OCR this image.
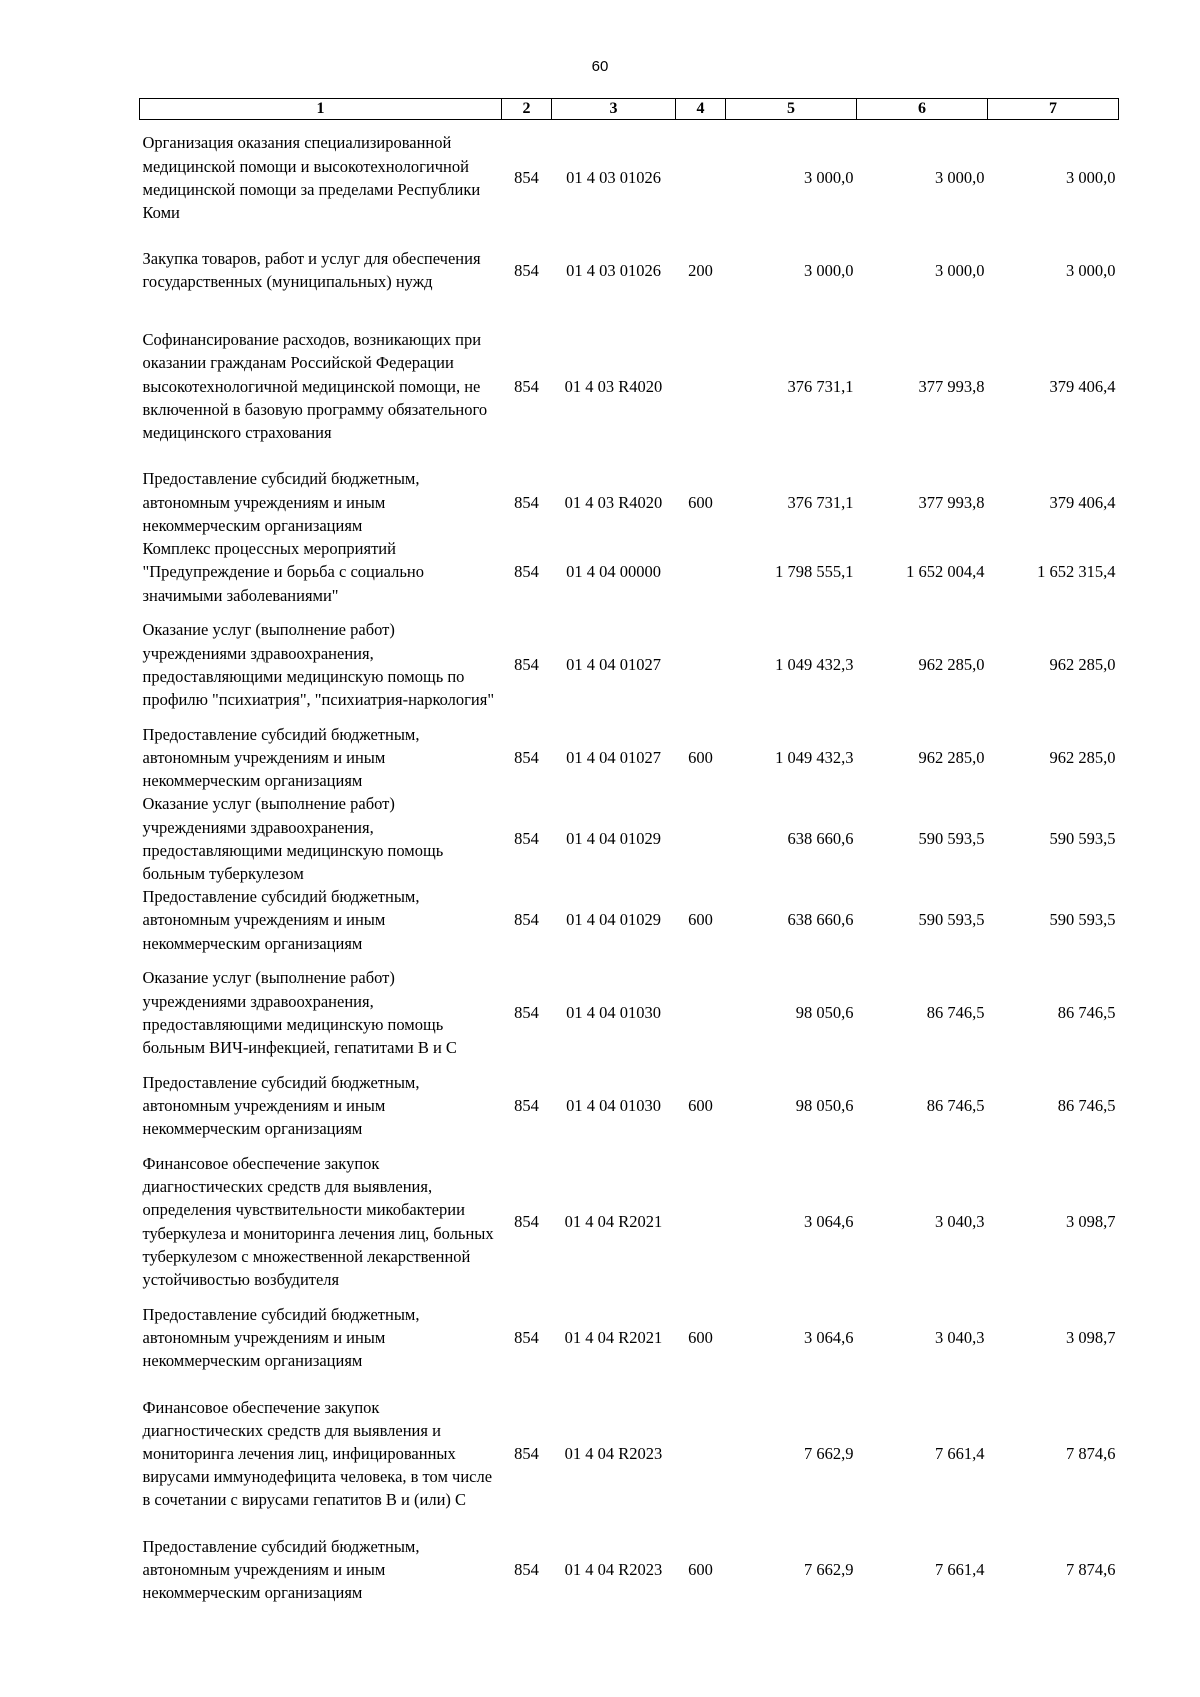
60
1	2	3	4	5	6	7
Организация оказания специализированной медицинской помощи и высокотехнологичной медицинской помощи за пределами Республики Коми	854	01 4 03 01026		3 000,0	3 000,0	3 000,0
Закупка товаров, работ и услуг для обеспечения государственных (муниципальных) нужд	854	01 4 03 01026	200	3 000,0	3 000,0	3 000,0
Софинансирование расходов, возникающих при оказании гражданам Российской Федерации высокотехнологичной медицинской помощи, не включенной в базовую программу обязательного медицинского страхования	854	01 4 03 R4020		376 731,1	377 993,8	379 406,4
Предоставление субсидий бюджетным, автономным учреждениям и иным некоммерческим организациям	854	01 4 03 R4020	600	376 731,1	377 993,8	379 406,4
Комплекс процессных мероприятий "Предупреждение и борьба с социально значимыми заболеваниями"	854	01 4 04 00000		1 798 555,1	1 652 004,4	1 652 315,4
Оказание услуг (выполнение работ) учреждениями здравоохранения, предоставляющими медицинскую помощь по профилю "психиатрия", "психиатрия-наркология"	854	01 4 04 01027		1 049 432,3	962 285,0	962 285,0
Предоставление субсидий бюджетным, автономным учреждениям и иным некоммерческим организациям	854	01 4 04 01027	600	1 049 432,3	962 285,0	962 285,0
Оказание услуг (выполнение работ) учреждениями здравоохранения, предоставляющими медицинскую помощь больным туберкулезом	854	01 4 04 01029		638 660,6	590 593,5	590 593,5
Предоставление субсидий бюджетным, автономным учреждениям и иным некоммерческим организациям	854	01 4 04 01029	600	638 660,6	590 593,5	590 593,5
Оказание услуг (выполнение работ) учреждениями здравоохранения, предоставляющими медицинскую помощь больным ВИЧ-инфекцией, гепатитами B и C	854	01 4 04 01030		98 050,6	86 746,5	86 746,5
Предоставление субсидий бюджетным, автономным учреждениям и иным некоммерческим организациям	854	01 4 04 01030	600	98 050,6	86 746,5	86 746,5
Финансовое обеспечение закупок диагностических средств для выявления, определения чувствительности микобактерии туберкулеза и мониторинга лечения лиц, больных туберкулезом с множественной лекарственной устойчивостью возбудителя	854	01 4 04 R2021		3 064,6	3 040,3	3 098,7
Предоставление субсидий бюджетным, автономным учреждениям и иным некоммерческим организациям	854	01 4 04 R2021	600	3 064,6	3 040,3	3 098,7
Финансовое обеспечение закупок диагностических средств для выявления и мониторинга лечения лиц, инфицированных вирусами иммунодефицита человека, в том числе в сочетании с вирусами гепатитов B и (или) C	854	01 4 04 R2023		7 662,9	7 661,4	7 874,6
Предоставление субсидий бюджетным, автономным учреждениям и иным некоммерческим организациям	854	01 4 04 R2023	600	7 662,9	7 661,4	7 874,6
